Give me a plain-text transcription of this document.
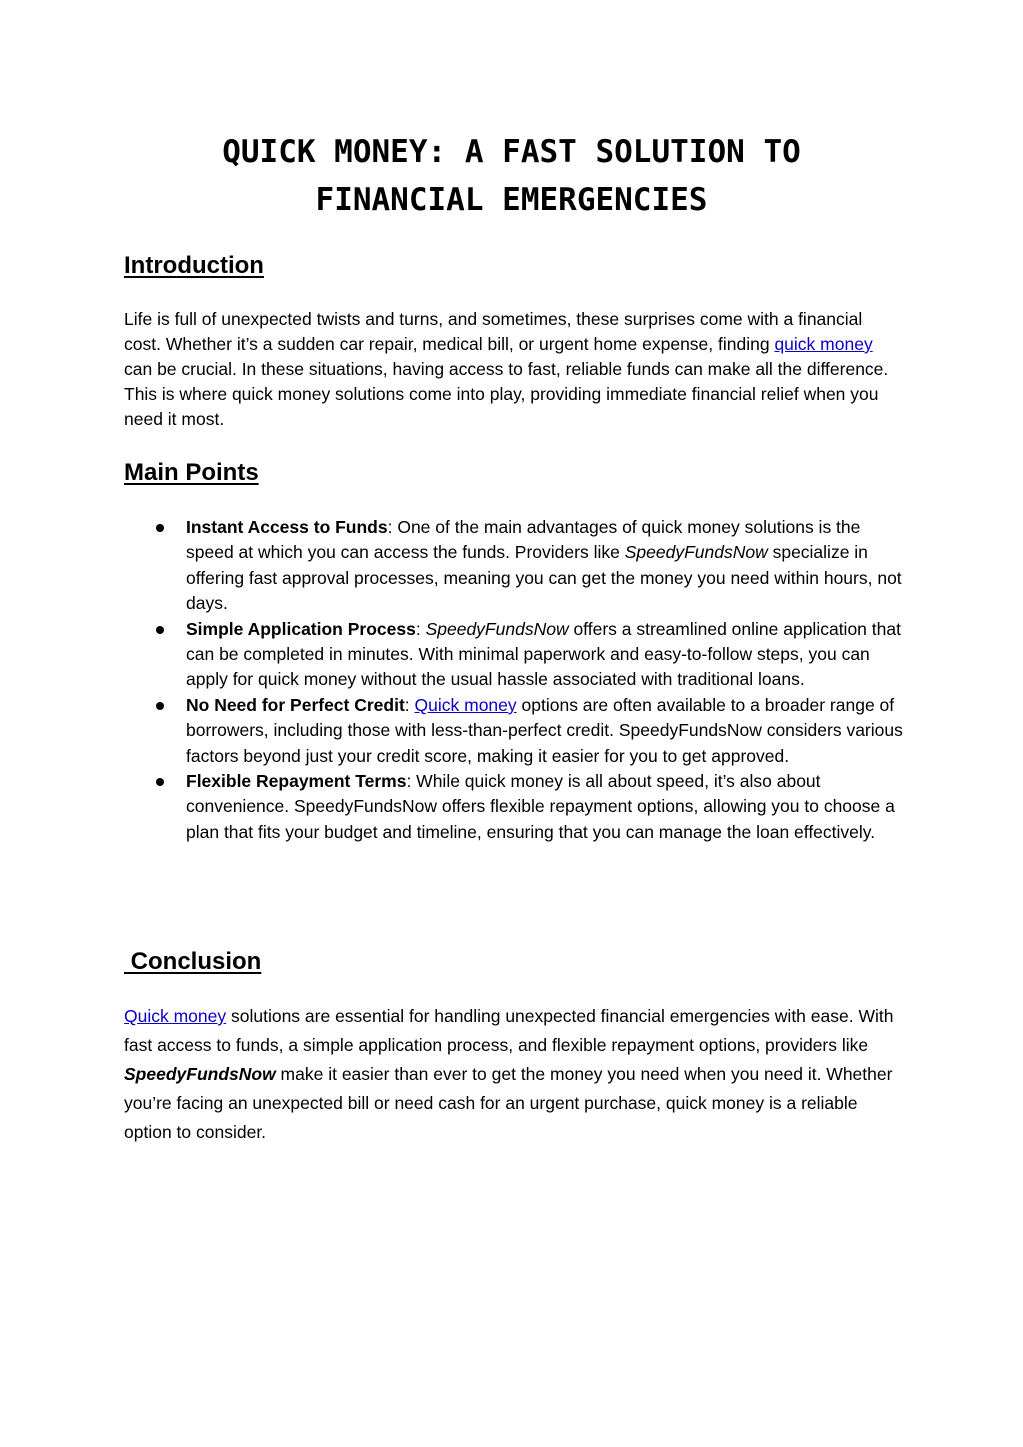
QUICK MONEY: A FAST SOLUTION TO
FINANCIAL EMERGENCIES
Introduction

Life is full of unexpected twists and turns, and sometimes, these surprises come with a financial cost. Whether it’s a sudden car repair, medical bill, or urgent home expense, finding quick money can be crucial. In these situations, having access to fast, reliable funds can make all the difference. This is where quick money solutions come into play, providing immediate financial relief when you need it most.

Main Points
Instant Access to Funds: One of the main advantages of quick money solutions is the speed at which you can access the funds. Providers like SpeedyFundsNow specialize in offering fast approval processes, meaning you can get the money you need within hours, not days.
Simple Application Process: SpeedyFundsNow offers a streamlined online application that can be completed in minutes. With minimal paperwork and easy-to-follow steps, you can apply for quick money without the usual hassle associated with traditional loans.
No Need for Perfect Credit: Quick money options are often available to a broader range of borrowers, including those with less-than-perfect credit. SpeedyFundsNow considers various factors beyond just your credit score, making it easier for you to get approved.
Flexible Repayment Terms: While quick money is all about speed, it’s also about convenience. SpeedyFundsNow offers flexible repayment options, allowing you to choose a plan that fits your budget and timeline, ensuring that you can manage the loan effectively.
Conclusion

Quick money solutions are essential for handling unexpected financial emergencies with ease. With fast access to funds, a simple application process, and flexible repayment options, providers like SpeedyFundsNow make it easier than ever to get the money you need when you need it. Whether you’re facing an unexpected bill or need cash for an urgent purchase, quick money is a reliable option to consider.
